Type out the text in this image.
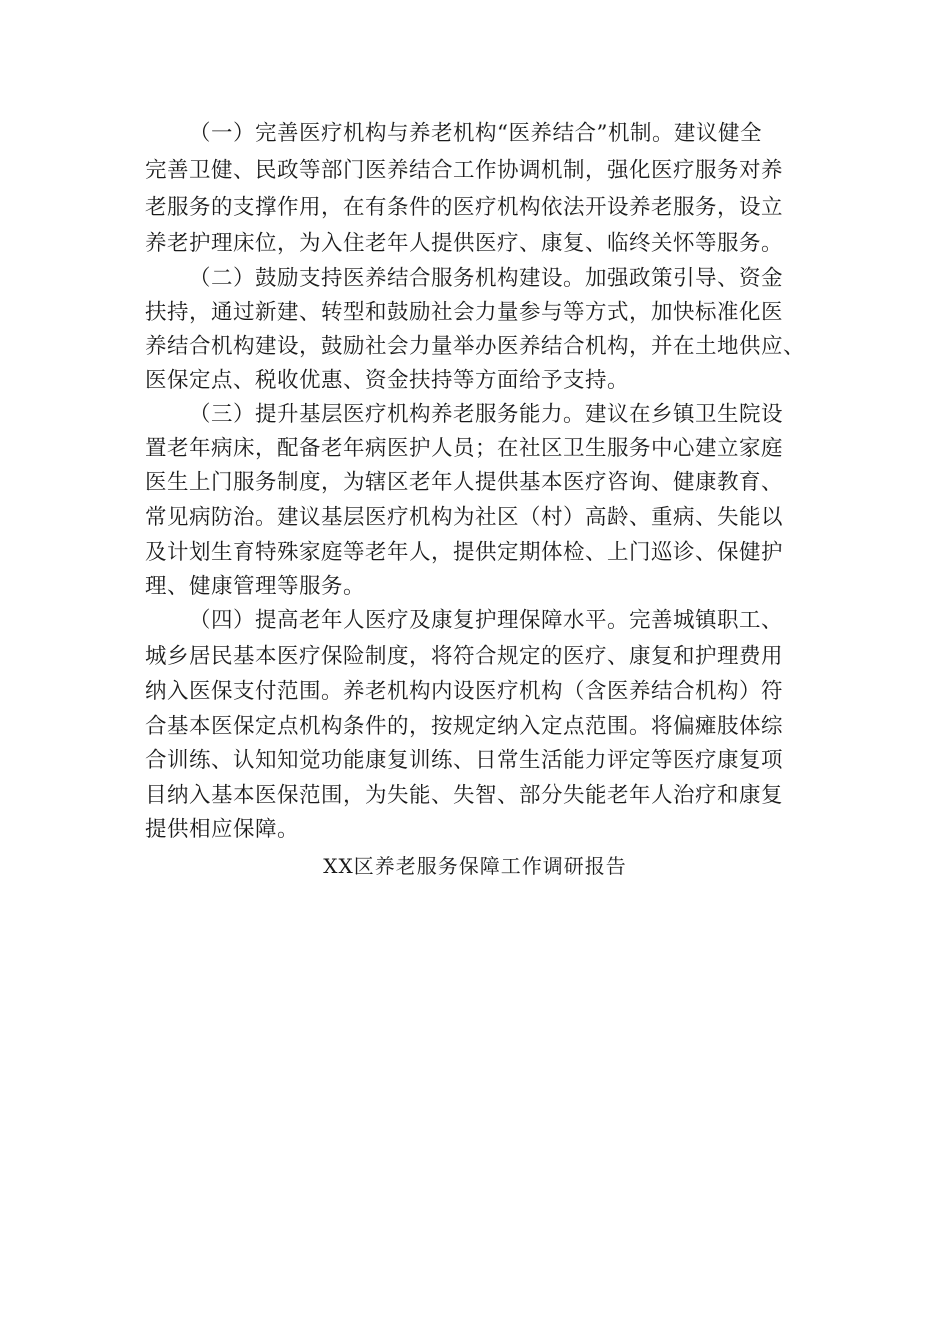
（一）完善医疗机构与养老机构“医养结合”机制。建议健全
完善卫健、民政等部门医养结合工作协调机制，强化医疗服务对养
老服务的支撑作用，在有条件的医疗机构依法开设养老服务，设立
养老护理床位，为入住老年人提供医疗、康复、临终关怀等服务。
（二）鼓励支持医养结合服务机构建设。加强政策引导、资金
扶持，通过新建、转型和鼓励社会力量参与等方式，加快标准化医
养结合机构建设，鼓励社会力量举办医养结合机构，并在土地供应、
医保定点、税收优惠、资金扶持等方面给予支持。
（三）提升基层医疗机构养老服务能力。建议在乡镇卫生院设
置老年病床，配备老年病医护人员；在社区卫生服务中心建立家庭
医生上门服务制度，为辖区老年人提供基本医疗咨询、健康教育、
常见病防治。建议基层医疗机构为社区（村）高龄、重病、失能以
及计划生育特殊家庭等老年人，提供定期体检、上门巡诊、保健护
理、健康管理等服务。
（四）提高老年人医疗及康复护理保障水平。完善城镇职工、
城乡居民基本医疗保险制度，将符合规定的医疗、康复和护理费用
纳入医保支付范围。养老机构内设医疗机构（含医养结合机构）符
合基本医保定点机构条件的，按规定纳入定点范围。将偏瘫肢体综
合训练、认知知觉功能康复训练、日常生活能力评定等医疗康复项
目纳入基本医保范围，为失能、失智、部分失能老年人治疗和康复
提供相应保障。
XX区养老服务保障工作调研报告
